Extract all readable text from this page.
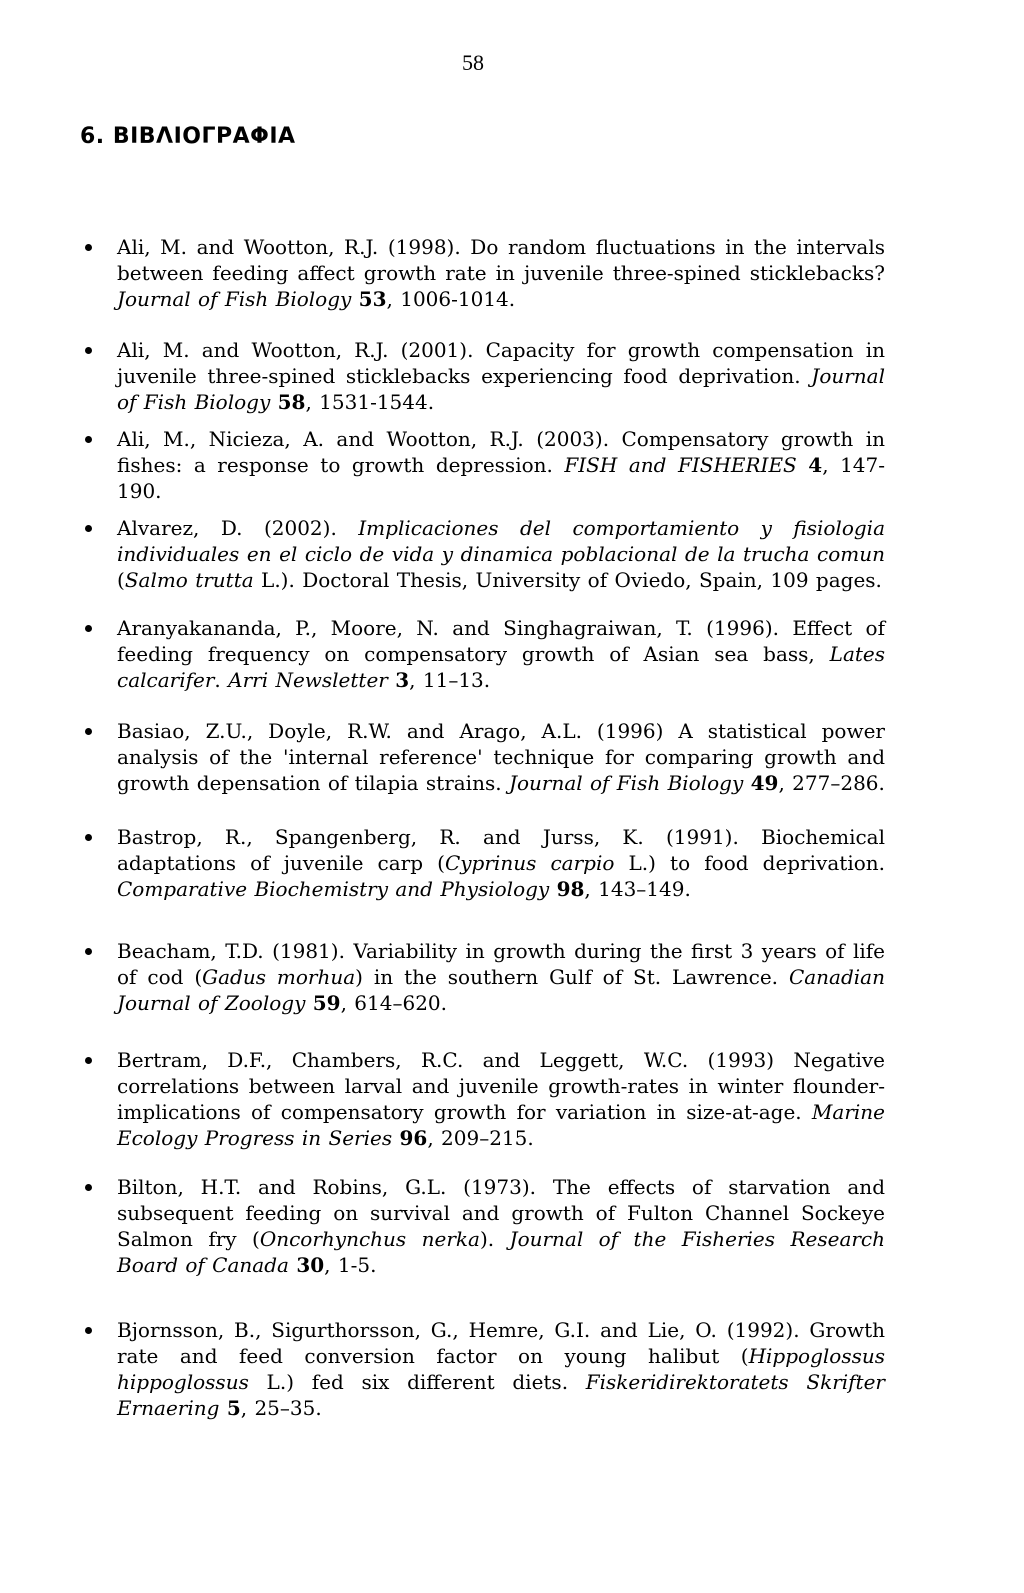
58
6. ΒΙΒΛΙΟΓΡΑΦΙΑ
Ali, M. and Wootton, R.J. (1998). Do random fluctuations in the intervals between feeding affect growth rate in juvenile three-spined sticklebacks? Journal of Fish Biology 53, 1006-1014.
Ali, M. and Wootton, R.J. (2001). Capacity for growth compensation in juvenile three-spined sticklebacks experiencing food deprivation. Journal of Fish Biology 58, 1531-1544.
Ali, M., Nicieza, A. and Wootton, R.J. (2003). Compensatory growth in fishes: a response to growth depression. FISH and FISHERIES 4, 147-190.
Alvarez, D. (2002). Implicaciones del comportamiento y fisiologia individuales en el ciclo de vida y dinamica poblacional de la trucha comun (Salmo trutta L.). Doctoral Thesis, University of Oviedo, Spain, 109 pages.
Aranyakananda, P., Moore, N. and Singhagraiwan, T. (1996). Effect of feeding frequency on compensatory growth of Asian sea bass, Lates calcarifer. Arri Newsletter 3, 11–13.
Basiao, Z.U., Doyle, R.W. and Arago, A.L. (1996) A statistical power analysis of the 'internal reference' technique for comparing growth and growth depensation of tilapia strains. Journal of Fish Biology 49, 277–286.
Bastrop, R., Spangenberg, R. and Jurss, K. (1991). Biochemical adaptations of juvenile carp (Cyprinus carpio L.) to food deprivation. Comparative Biochemistry and Physiology 98, 143–149.
Beacham, T.D. (1981). Variability in growth during the first 3 years of life of cod (Gadus morhua) in the southern Gulf of St. Lawrence. Canadian Journal of Zoology 59, 614–620.
Bertram, D.F., Chambers, R.C. and Leggett, W.C. (1993) Negative correlations between larval and juvenile growth-rates in winter flounder- implications of compensatory growth for variation in size-at-age. Marine Ecology Progress in Series 96, 209–215.
Bilton, H.T. and Robins, G.L. (1973). The effects of starvation and subsequent feeding on survival and growth of Fulton Channel Sockeye Salmon fry (Oncorhynchus nerka). Journal of the Fisheries Research Board of Canada 30, 1-5.
Bjornsson, B., Sigurthorsson, G., Hemre, G.I. and Lie, O. (1992). Growth rate and feed conversion factor on young halibut (Hippoglossus hippoglossus L.) fed six different diets. Fiskeridirektoratets Skrifter Ernaering 5, 25–35.
